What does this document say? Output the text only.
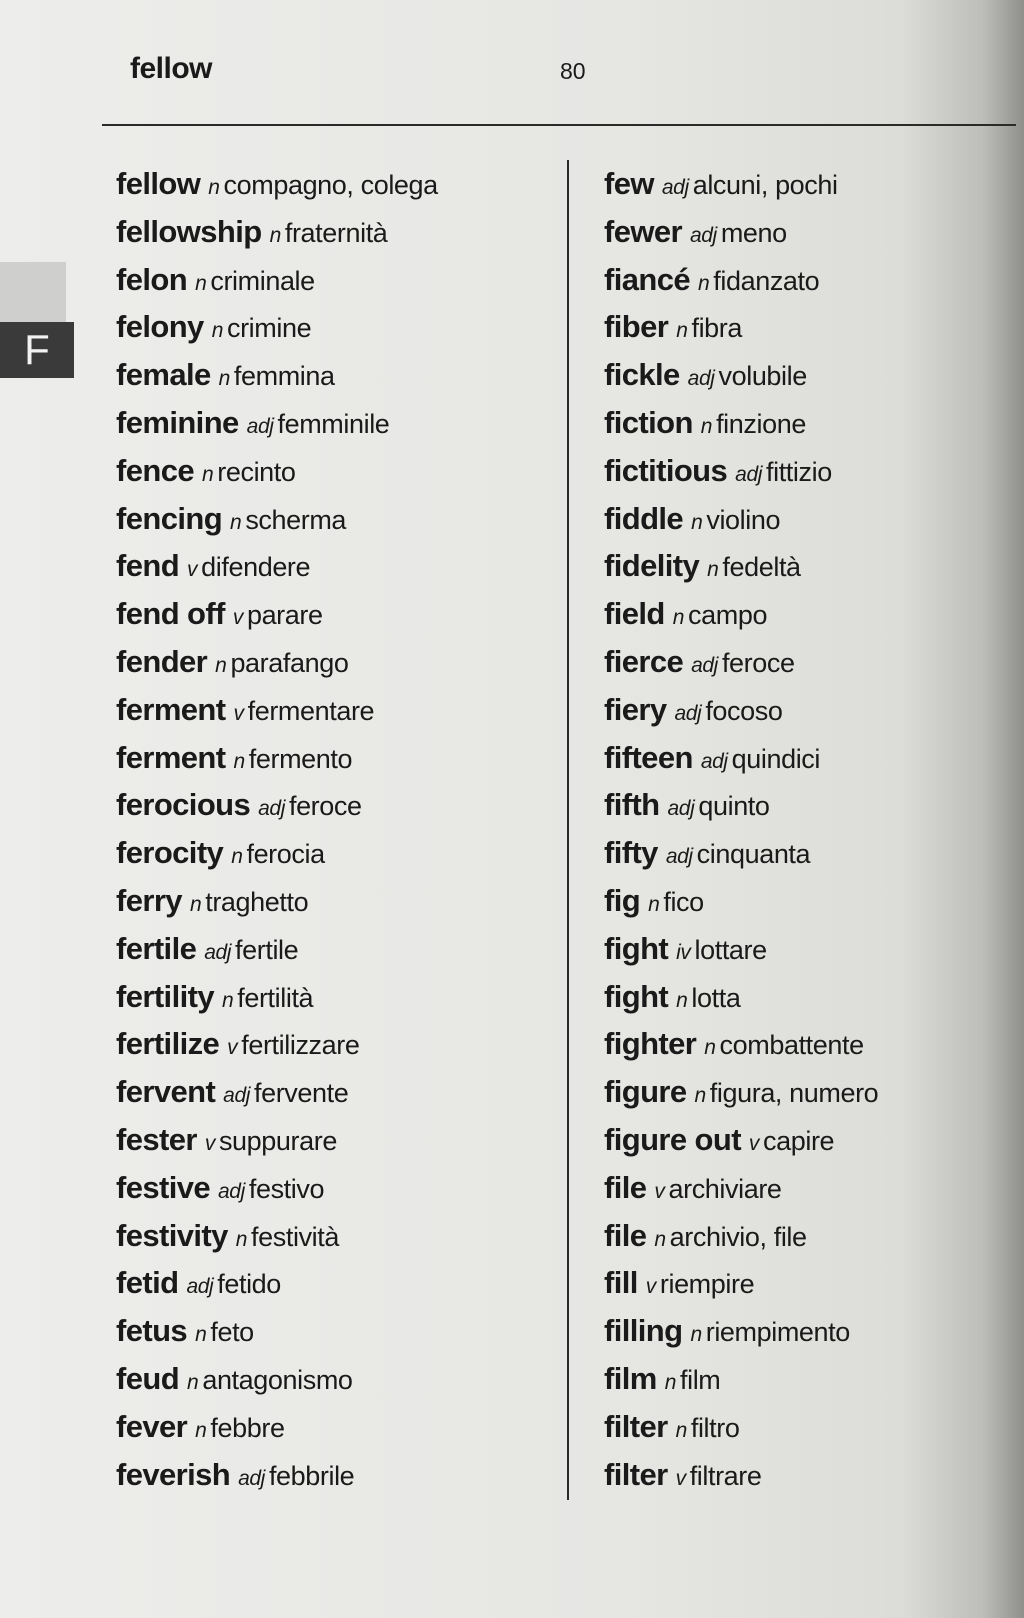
fellow	80
F
fellow n compagno, colega
fellowship n fraternità
felon n criminale
felony n crimine
female n femmina
feminine adj femminile
fence n recinto
fencing n scherma
fend v difendere
fend off v parare
fender n parafango
ferment v fermentare
ferment n fermento
ferocious adj feroce
ferocity n ferocia
ferry n traghetto
fertile adj fertile
fertility n fertilità
fertilize v fertilizzare
fervent adj fervente
fester v suppurare
festive adj festivo
festivity n festività
fetid adj fetido
fetus n feto
feud n antagonismo
fever n febbre
feverish adj febbrile
few adj alcuni, pochi
fewer adj meno
fiancé n fidanzato
fiber n fibra
fickle adj volubile
fiction n finzione
fictitious adj fittizio
fiddle n violino
fidelity n fedeltà
field n campo
fierce adj feroce
fiery adj focoso
fifteen adj quindici
fifth adj quinto
fifty adj cinquanta
fig n fico
fight iv lottare
fight n lotta
fighter n combattente
figure n figura, numero
figure out v capire
file v archiviare
file n archivio, file
fill v riempire
filling n riempimento
film n film
filter n filtro
filter v filtrare
